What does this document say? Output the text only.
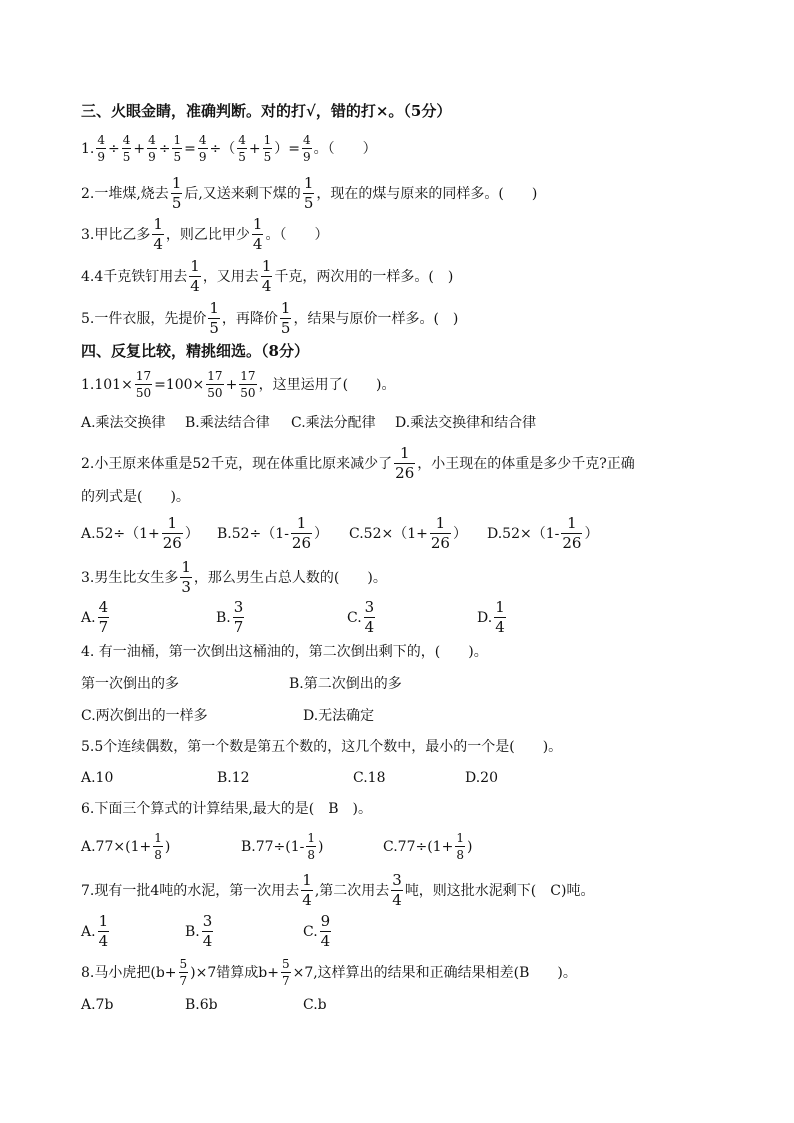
三、火眼金睛，准确判断。对的打√，错的打×。（5分）
1. $\frac{4}{9} \div \frac{4}{5} + \frac{4}{9} \div \frac{1}{5} = \frac{4}{9}$ ÷（ $\frac{4}{5} + \frac{1}{5}$ ）= $\frac{4}{9}$ 。（　　）
2.一堆煤,烧去 $\frac{1}{5}$ 后,又送来剩下煤的 $\frac{1}{5}$ ，现在的煤与原来的同样多。(　　)
3.甲比乙多 $\frac{1}{4}$ ，则乙比甲少 $\frac{1}{4}$ 。（　　）
4.4千克铁钉用去 $\frac{1}{4}$ ，又用去 $\frac{1}{4}$ 千克，两次用的一样多。(　)
5.一件衣服，先提价 $\frac{1}{5}$ ，再降价 $\frac{1}{5}$ ，结果与原价一样多。(　)
四、反复比较，精挑细选。（8分）
$1.101\times \frac{17}{50} =100\times \frac{17}{50} + \frac{17}{50}$ ，这里运用了(　　)。
A.乘法交换律	B.乘法结合律	C.乘法分配律	D.乘法交换律和结合律
2.小王原来体重是52千克，现在体重比原来减少了 $\frac{1}{26}$ ，小王现在的体重是多少千克?正确
的列式是(　　)。
$A.52\div(1+ \frac{1}{26}$ ） $B.52\div(1- \frac{1}{26}$ ） $C.52\times(1+ \frac{1}{26}$ ） $D.52\times(1- \frac{1}{26}$ ）
3.男生比女生多 $\frac{1}{3}$ ，那么男生占总人数的(　　)。
A. $\frac{4}{7}$	B. $\frac{3}{7}$	C. $\frac{3}{4}$	D. $\frac{1}{4}$
4. 有一油桶，第一次倒出这桶油的，第二次倒出剩下的，(　　)。
第一次倒出的多	B.第二次倒出的多
C.两次倒出的一样多	D.无法确定
5.5个连续偶数，第一个数是第五个数的，这几个数中，最小的一个是(　　)。
A.10	B.12	C.18	D.20
6.下面三个算式的计算结果,最大的是(　B　)。
$A.77\times(1+ \frac{1}{8}$ )	$B.77\div(1- \frac{1}{8}$ )	$C.77\div(1+ \frac{1}{8}$ )
7.现有一批4吨的水泥，第一次用去 $\frac{1}{4}$ ,第二次用去 $\frac{3}{4}$ 吨，则这批水泥剩下(　C)吨。
A. $\frac{1}{4}$	B. $\frac{3}{4}$	C. $\frac{9}{4}$
8.马小虎把$(b+ \frac{5}{7} )\times 7$错算成$b+ \frac{5}{7} \times 7$,这样算出的结果和正确结果相差(B　　)。
A.7b	B.6b	C.b
